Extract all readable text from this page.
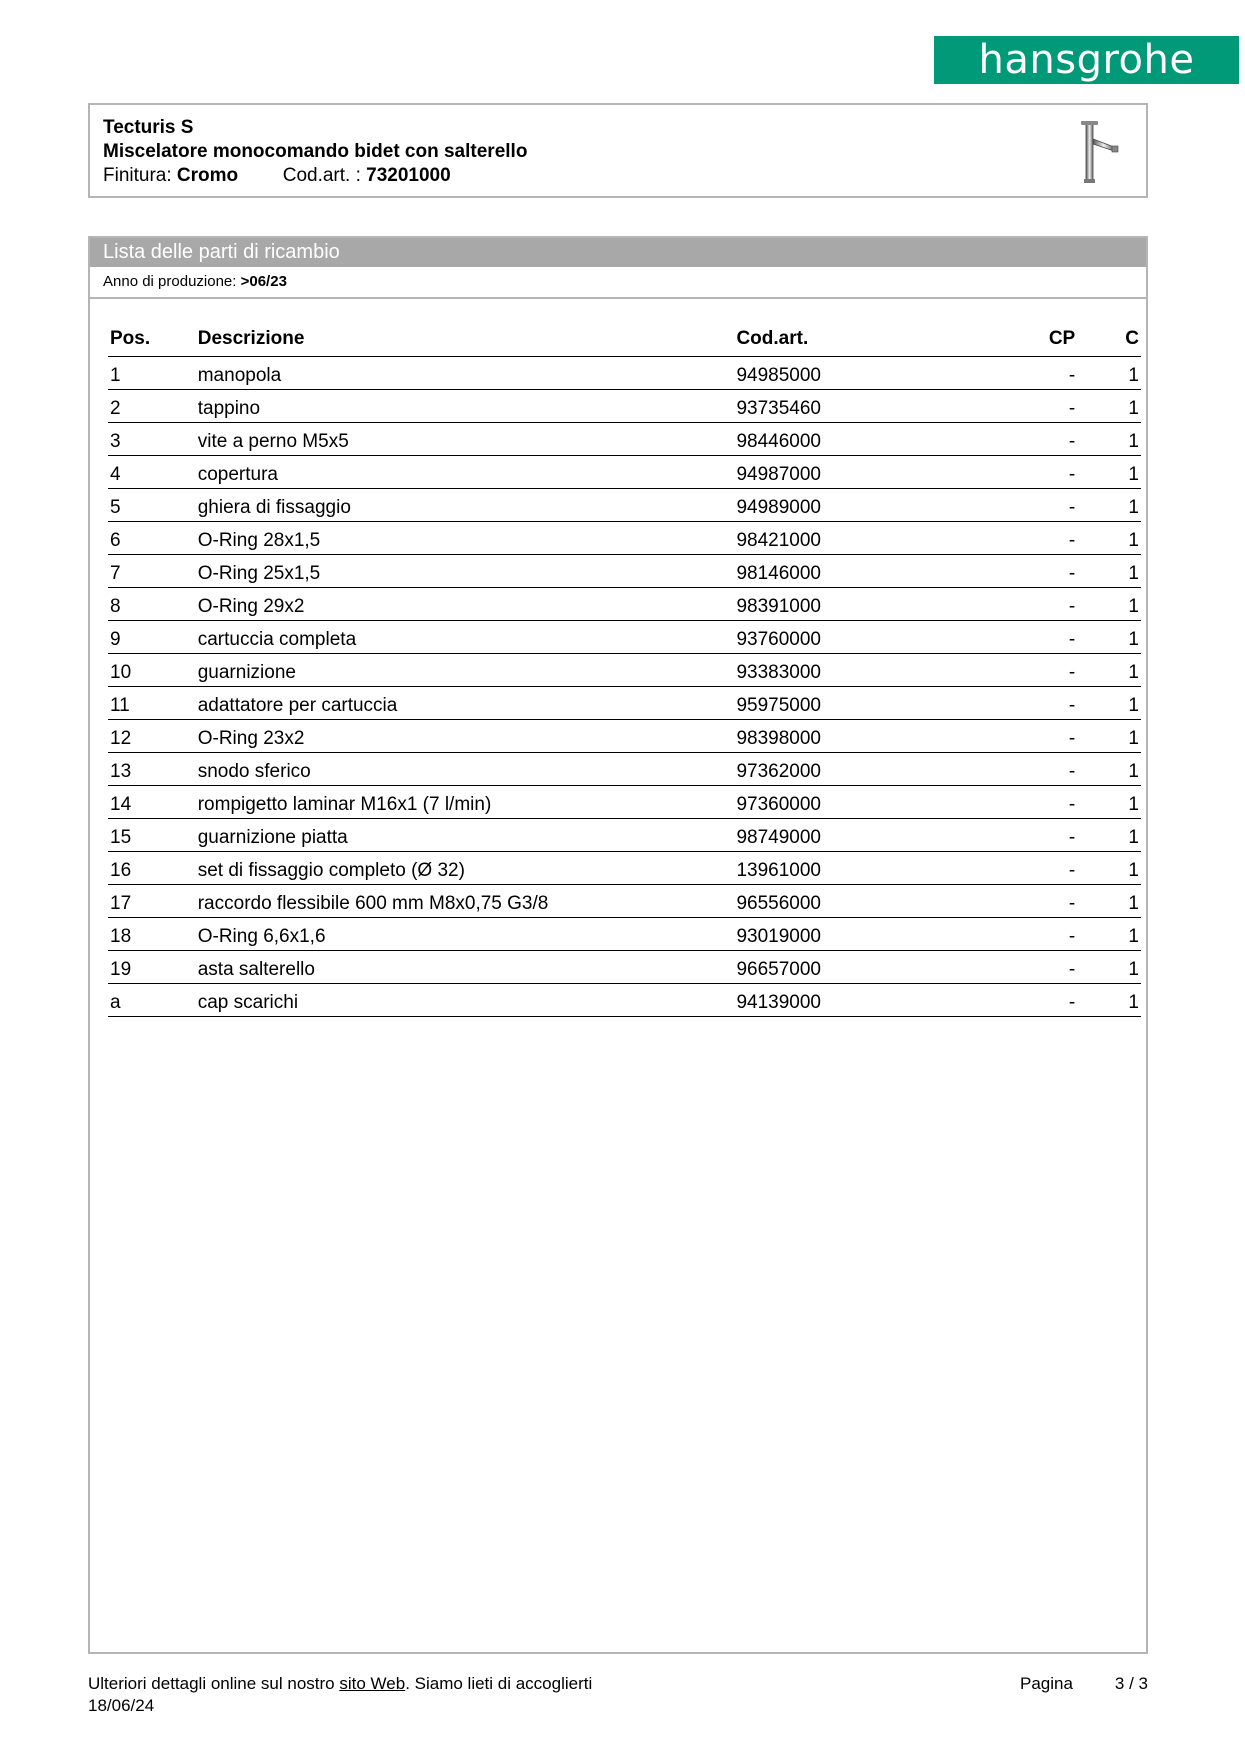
hansgrohe
Tecturis S
Miscelatore monocomando bidet con salterello
Finitura: Cromo Cod.art. : 73201000
Lista delle parti di ricambio
Anno di produzione: >06/23
Pos.	Descrizione	Cod.art.	CP	C
1	manopola	94985000	-	1
2	tappino	93735460	-	1
3	vite a perno M5x5	98446000	-	1
4	copertura	94987000	-	1
5	ghiera di fissaggio	94989000	-	1
6	O-Ring 28x1,5	98421000	-	1
7	O-Ring 25x1,5	98146000	-	1
8	O-Ring 29x2	98391000	-	1
9	cartuccia completa	93760000	-	1
10	guarnizione	93383000	-	1
11	adattatore per cartuccia	95975000	-	1
12	O-Ring 23x2	98398000	-	1
13	snodo sferico	97362000	-	1
14	rompigetto laminar M16x1 (7 l/min)	97360000	-	1
15	guarnizione piatta	98749000	-	1
16	set di fissaggio completo (Ø 32)	13961000	-	1
17	raccordo flessibile 600 mm M8x0,75 G3/8	96556000	-	1
18	O-Ring 6,6x1,6	93019000	-	1
19	asta salterello	96657000	-	1
a	cap scarichi	94139000	-	1
Ulteriori dettagli online sul nostro sito Web. Siamo lieti di accoglierti
18/06/24
Pagina 3 / 3
